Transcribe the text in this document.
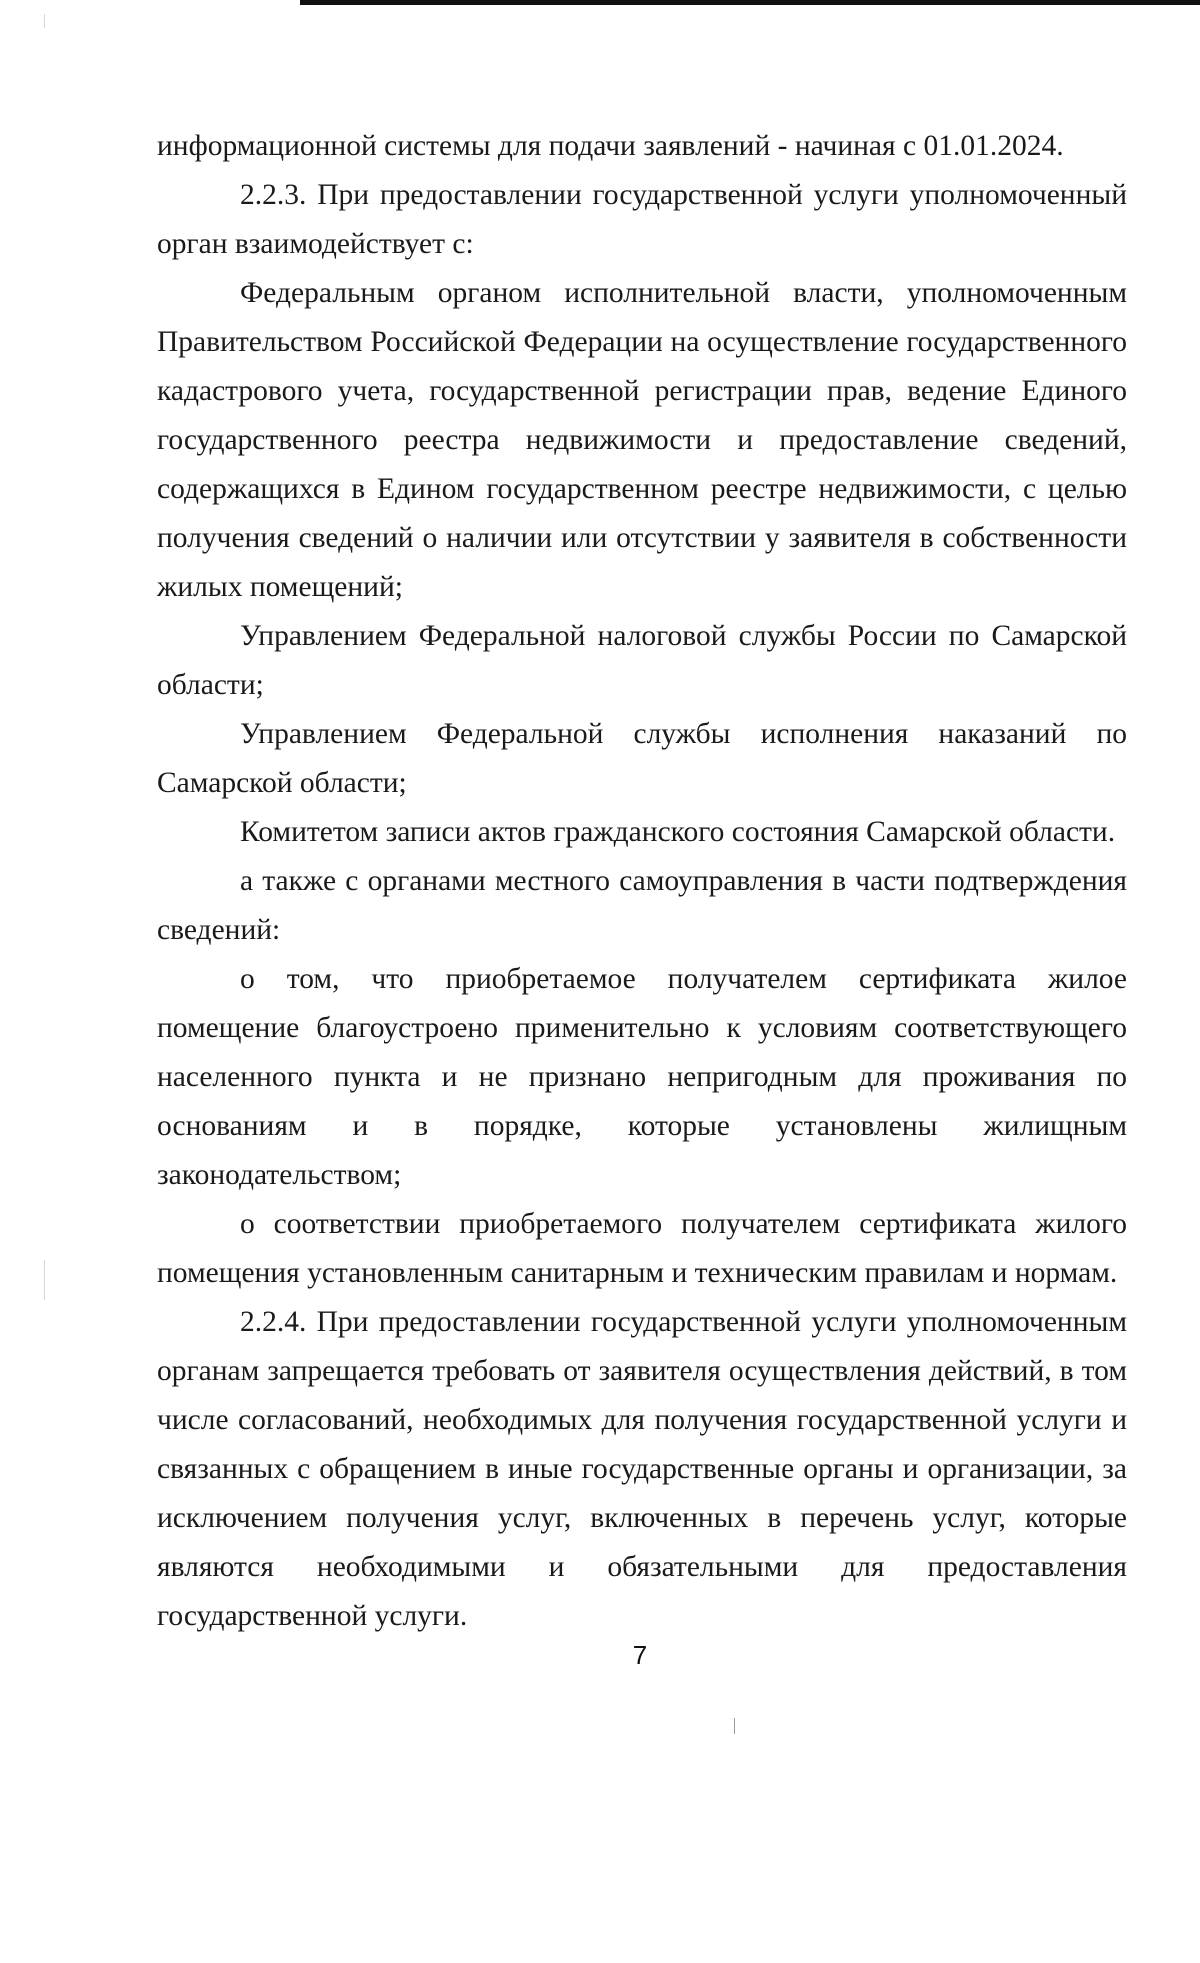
информационной системы для подачи заявлений - начиная с 01.01.2024.

2.2.3. При предоставлении государственной услуги уполномоченный орган взаимодействует с:

Федеральным органом исполнительной власти, уполномоченным Правительством Российской Федерации на осуществление государственного кадастрового учета, государственной регистрации прав, ведение Единого государственного реестра недвижимости и предоставление сведений, содержащихся в Едином государственном реестре недвижимости, с целью получения сведений о наличии или отсутствии у заявителя в собственности жилых помещений;

Управлением Федеральной налоговой службы России по Самарской области;

Управлением Федеральной службы исполнения наказаний по Самарской области;

Комитетом записи актов гражданского состояния Самарской области.

а также с органами местного самоуправления в части подтверждения сведений:

о том, что приобретаемое получателем сертификата жилое помещение благоустроено применительно к условиям соответствующего населенного пункта и не признано непригодным для проживания по основаниям и в порядке, которые установлены жилищным законодательством;

о соответствии приобретаемого получателем сертификата жилого помещения установленным санитарным и техническим правилам и нормам.

2.2.4. При предоставлении государственной услуги уполномоченным органам запрещается требовать от заявителя осуществления действий, в том числе согласований, необходимых для получения государственной услуги и связанных с обращением в иные государственные органы и организации, за исключением получения услуг, включенных в перечень услуг, которые являются необходимыми и обязательными для предоставления государственной услуги.

7
